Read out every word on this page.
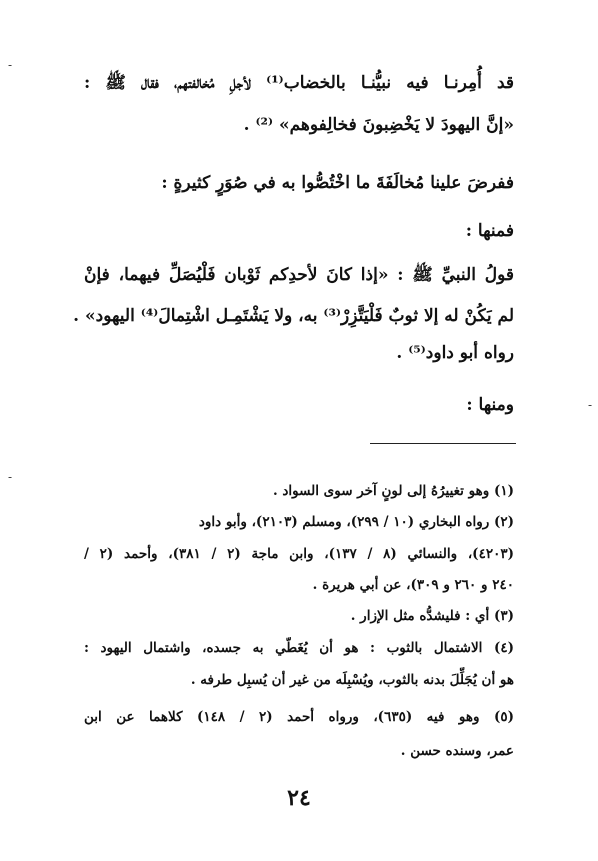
-
-
-
قد أُمِرنـا فيه نبيُّنـا بالخضاب⁽¹⁾ لأجلِ مُخالفتهم، فقال ﷺ :
«إنَّ اليهودَ لا يَخْضِبونَ فخالِفوهم» ⁽²⁾ .
ففرضَ علينا مُخالَفَةَ ما اخْتُصُّوا به في صُوَرٍ كثيرةٍ :
فمنها :
قولُ النبيِّ ﷺ : «إذا كانَ لأحدِكم ثَوْبان فَلْيُصَلِّ فيهما، فإنْ
لم يَكُنْ له إلا ثوبٌ فَلْيَتَّزِرْ⁽³⁾ به، ولا يَشْتَمِـل اشْتِمالَ⁽⁴⁾ اليهود» .
رواه أبو داود⁽⁵⁾ .
ومنها :
(١) وهو تغييرُهُ إلى لونٍ آخر سوى السواد .
(٢) رواه البخاري (١٠ / ٢٩٩)، ومسلم (٢١٠٣)، وأبو داود
(٤٢٠٣)، والنسائي (٨ / ١٣٧)، وابن ماجة (٢ / ٣٨١)، وأحمد (٢ /
٢٤٠ و ٢٦٠ و ٣٠٩)، عن أبي هريرة .
(٣) أي : فليشدُّه مثل الإزار .
(٤) الاشتمال بالثوب : هو أن يُغَطّي به جسده، واشتمال اليهود :
هو أن يُجَلِّلَ بدنه بالثوب، ويُسْبِلَه من غير أن يُسبِل طرفه .
(٥) وهو فيه (٦٣٥)، ورواه أحمد (٢ / ١٤٨) كلاهما عن ابن
عمر، وسنده حسن .
٢٤
